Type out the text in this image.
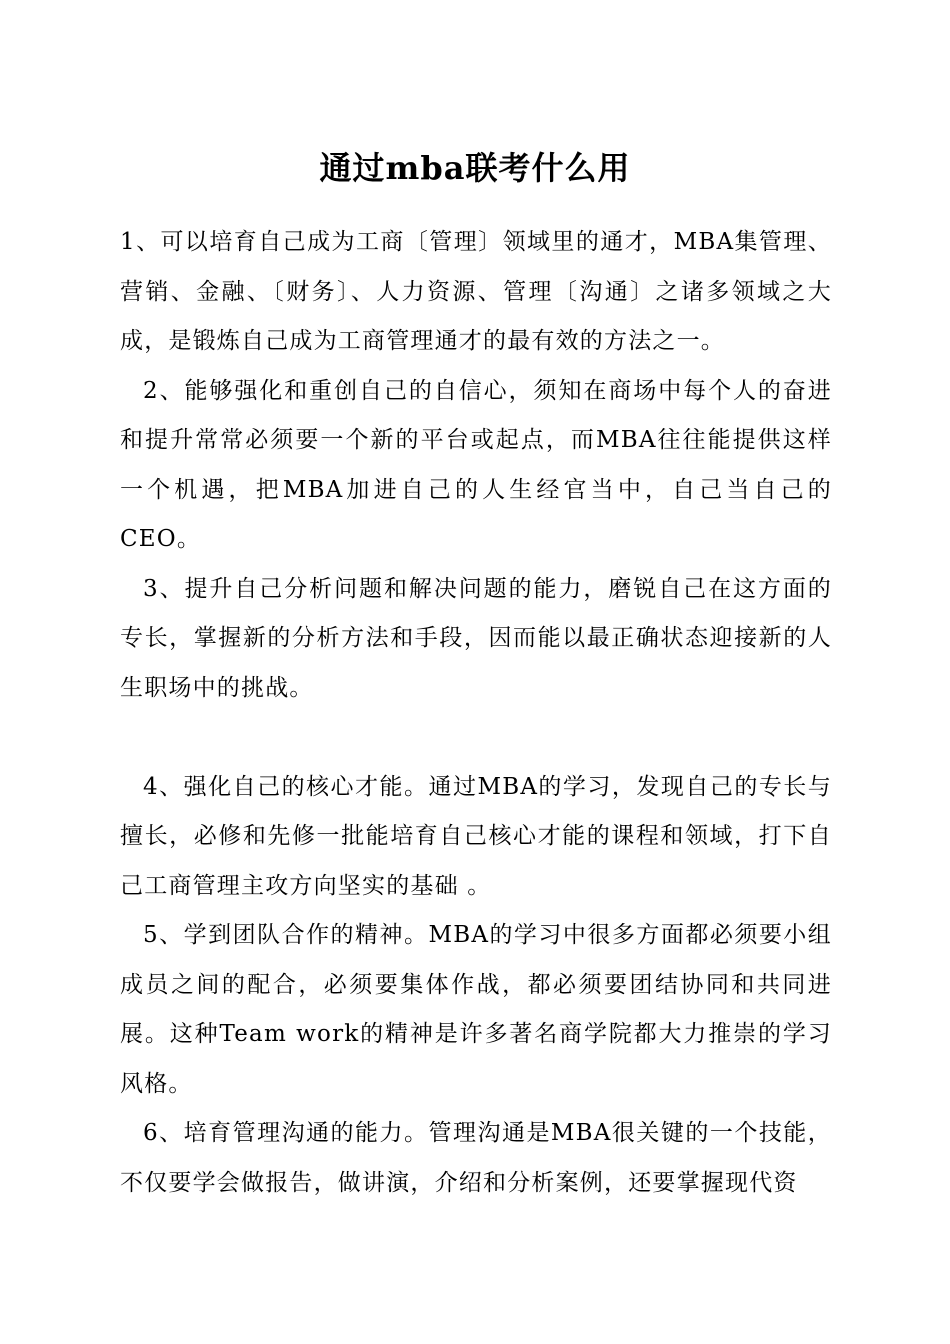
通过mba联考什么用

1、可以培育自己成为工商〔管理〕领域里的通才，MBA集管理、营销、金融、〔财务〕、人力资源、管理〔沟通〕之诸多领域之大成，是锻炼自己成为工商管理通才的最有效的方法之一。

2、能够强化和重创自己的自信心，须知在商场中每个人的奋进和提升常常必须要一个新的平台或起点，而MBA往往能提供这样一个机遇，把MBA加进自己的人生经官当中，自己当自己的CEO。

3、提升自己分析问题和解决问题的能力，磨锐自己在这方面的专长，掌握新的分析方法和手段，因而能以最正确状态迎接新的人生职场中的挑战。

4、强化自己的核心才能。通过MBA的学习，发现自己的专长与擅长，必修和先修一批能培育自己核心才能的课程和领域，打下自己工商管理主攻方向坚实的基础 。

5、学到团队合作的精神。MBA的学习中很多方面都必须要小组成员之间的配合，必须要集体作战，都必须要团结协同和共同进展。这种Team work的精神是许多著名商学院都大力推崇的学习风格。

6、培育管理沟通的能力。管理沟通是MBA很关键的一个技能，不仅要学会做报告，做讲演，介绍和分析案例，还要掌握现代资
